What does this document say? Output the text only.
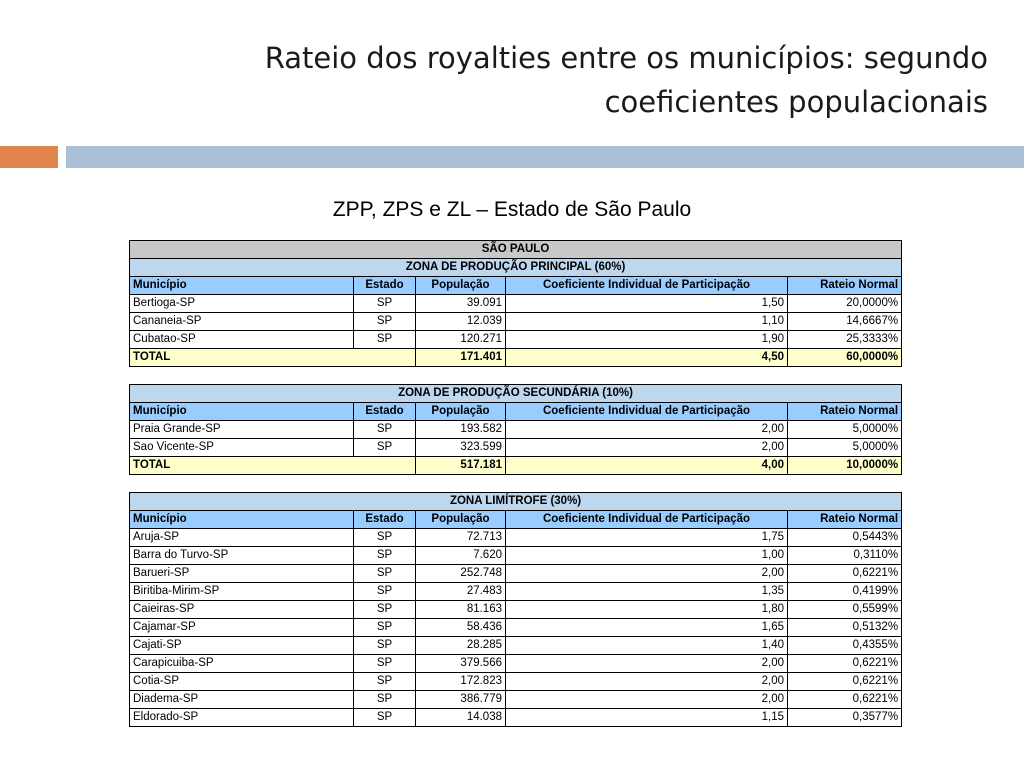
Rateio dos royalties entre os municípios: segundo coeficientes populacionais
ZPP, ZPS e ZL – Estado de São Paulo
SÃO PAULO				
ZONA DE PRODUÇÃO PRINCIPAL (60%)				
Município	Estado	População	Coeficiente Individual de Participação	Rateio Normal
Bertioga-SP	SP	39.091	1,50	20,0000%
Cananeia-SP	SP	12.039	1,10	14,6667%
Cubatao-SP	SP	120.271	1,90	25,3333%
TOTAL		171.401	4,50	60,0000%

ZONA DE PRODUÇÃO SECUNDÁRIA (10%)				
Município	Estado	População	Coeficiente Individual de Participação	Rateio Normal
Praia Grande-SP	SP	193.582	2,00	5,0000%
Sao Vicente-SP	SP	323.599	2,00	5,0000%
TOTAL		517.181	4,00	10,0000%

ZONA LIMÍTROFE (30%)				
Município	Estado	População	Coeficiente Individual de Participação	Rateio Normal
Aruja-SP	SP	72.713	1,75	0,5443%
Barra do Turvo-SP	SP	7.620	1,00	0,3110%
Barueri-SP	SP	252.748	2,00	0,6221%
Biritiba-Mirim-SP	SP	27.483	1,35	0,4199%
Caieiras-SP	SP	81.163	1,80	0,5599%
Cajamar-SP	SP	58.436	1,65	0,5132%
Cajati-SP	SP	28.285	1,40	0,4355%
Carapicuiba-SP	SP	379.566	2,00	0,6221%
Cotia-SP	SP	172.823	2,00	0,6221%
Diadema-SP	SP	386.779	2,00	0,6221%
Eldorado-SP	SP	14.038	1,15	0,3577%
